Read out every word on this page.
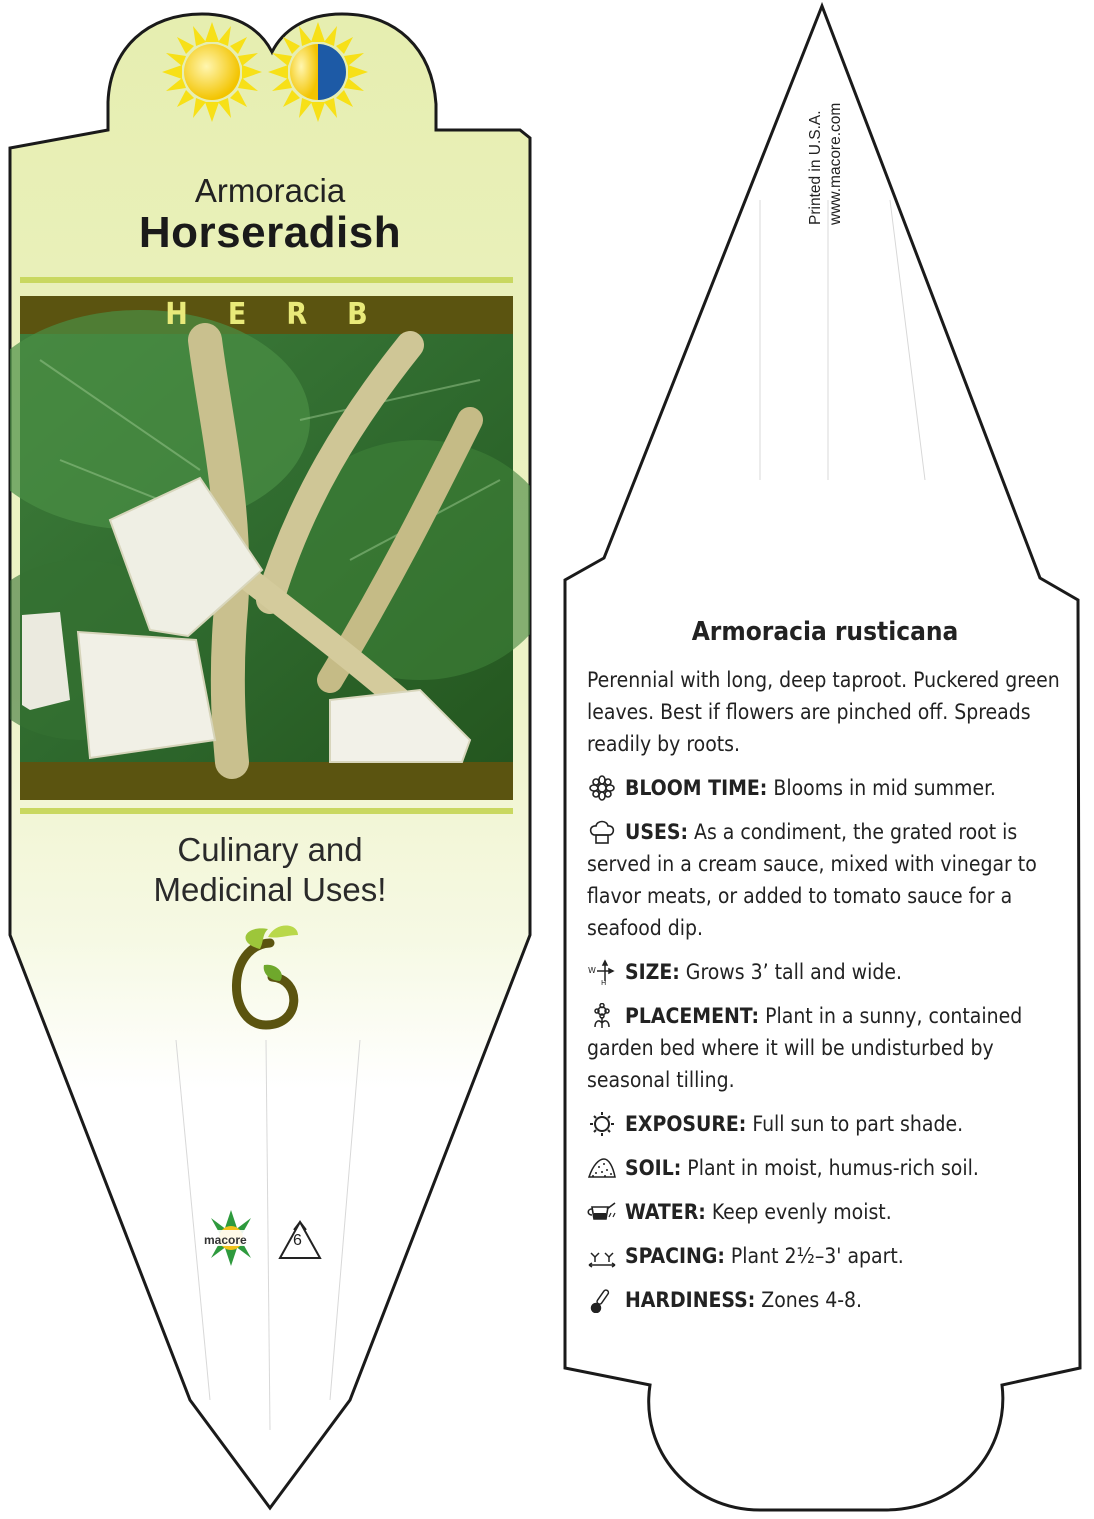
Armoracia
Horseradish
HERB
Culinary and
Medicinal Uses!
macore	6
Printed in U.S.A. www.macore.com
Armoracia rusticana

Perennial with long, deep taproot. Puckered green leaves. Best if flowers are pinched off. Spreads readily by roots.

BLOOM TIME: Blooms in mid summer.

USES: As a condiment, the grated root is served in a cream sauce, mixed with vinegar to flavor meats, or added to tomato sauce for a seafood dip.

W
H SIZE: Grows 3’ tall and wide.

PLACEMENT: Plant in a sunny, contained garden bed where it will be undisturbed by seasonal tilling.

EXPOSURE: Full sun to part shade.

SOIL: Plant in moist, humus-rich soil.

WATER: Keep evenly moist.

SPACING: Plant 2½–3' apart.

HARDINESS: Zones 4-8.
